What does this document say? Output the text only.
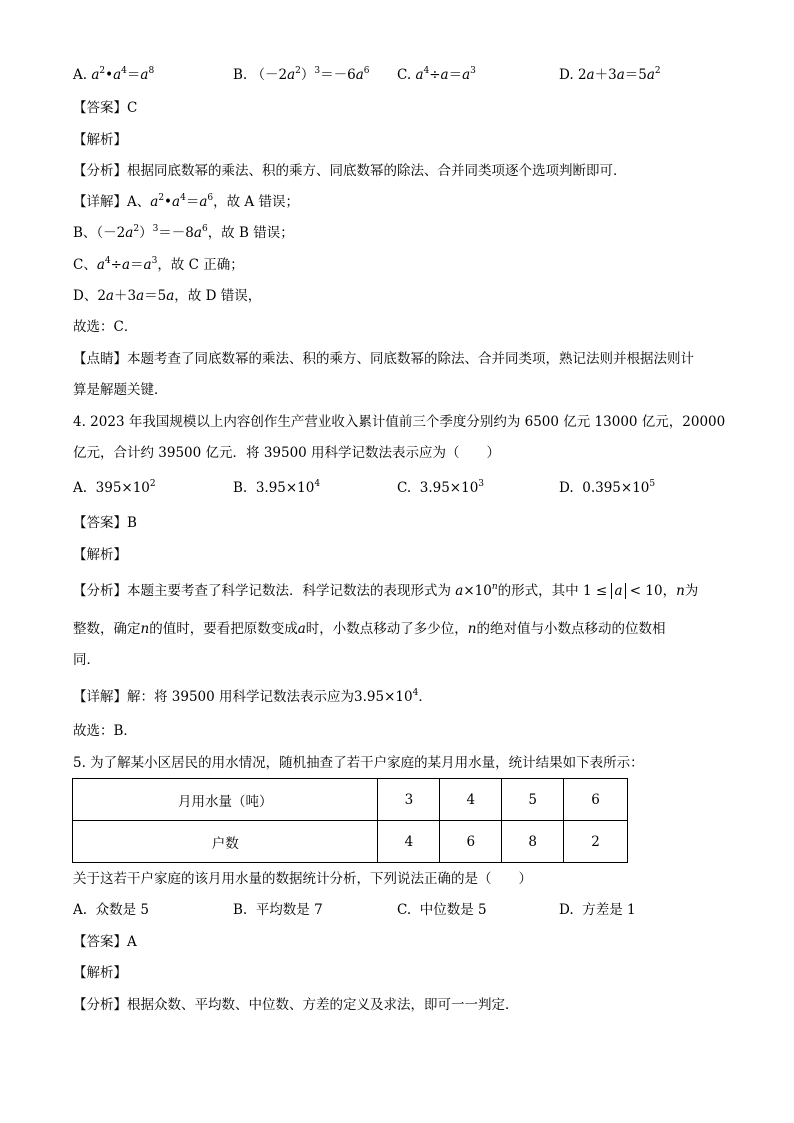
A. $a^2•a^4=a^8$	B. $(-2a^2)^3=-6a^6$ C. $a^4\div a=a^3$	D. $2a+3a=5a^2$
【答案】C
【解析】
【分析】根据同底数幂的乘法、积的乘方、同底数幂的除法、合并同类项逐个选项判断即可．
【详解】A、$a^2•a^4=a^6$，故 A 错误；
B、$(-2a^2)^3=-8a^6$，故 B 错误；
C、$a^4\div a=a^3$，故 C 正确；
D、2a＋3a＝5a，故 D 错误，
故选：C．
【点睛】本题考查了同底数幂的乘法、积的乘方、同底数幂的除法、合并同类项，熟记法则并根据法则计
算是解题关键．
4. 2023 年我国规模以上内容创作生产营业收入累计值前三个季度分别约为 6500 亿元 13000 亿元，20000
亿元，合计约 39500 亿元．将 39500 用科学记数法表示应为（　　）
A. $395\times 10^2$	B. $3.95\times 10^4$	C. $3.95\times 10^3$	D. $0.395\times 10^5$
【答案】B
【解析】
【分析】本题主要考查了科学记数法．科学记数法的表现形式为 $a\times 10^n$的形式，其中 1 ≤ a < 10，n为
整数，确定n的值时，要看把原数变成a时，小数点移动了多少位，n的绝对值与小数点移动的位数相
同．
【详解】解：将 39500 用科学记数法表示应为$3.95\times 10^4$．
故选：B．
5. 为了解某小区居民的用水情况，随机抽查了若干户家庭的某月用水量，统计结果如下表所示：
月用水量（吨）	3	4	5	6
户数	4	6	8	2
关于这若干户家庭的该月用水量的数据统计分析，下列说法正确的是（　　）
A. 众数是 5	B. 平均数是 7	C. 中位数是 5	D. 方差是 1
【答案】A
【解析】
【分析】根据众数、平均数、中位数、方差的定义及求法，即可一一判定．
